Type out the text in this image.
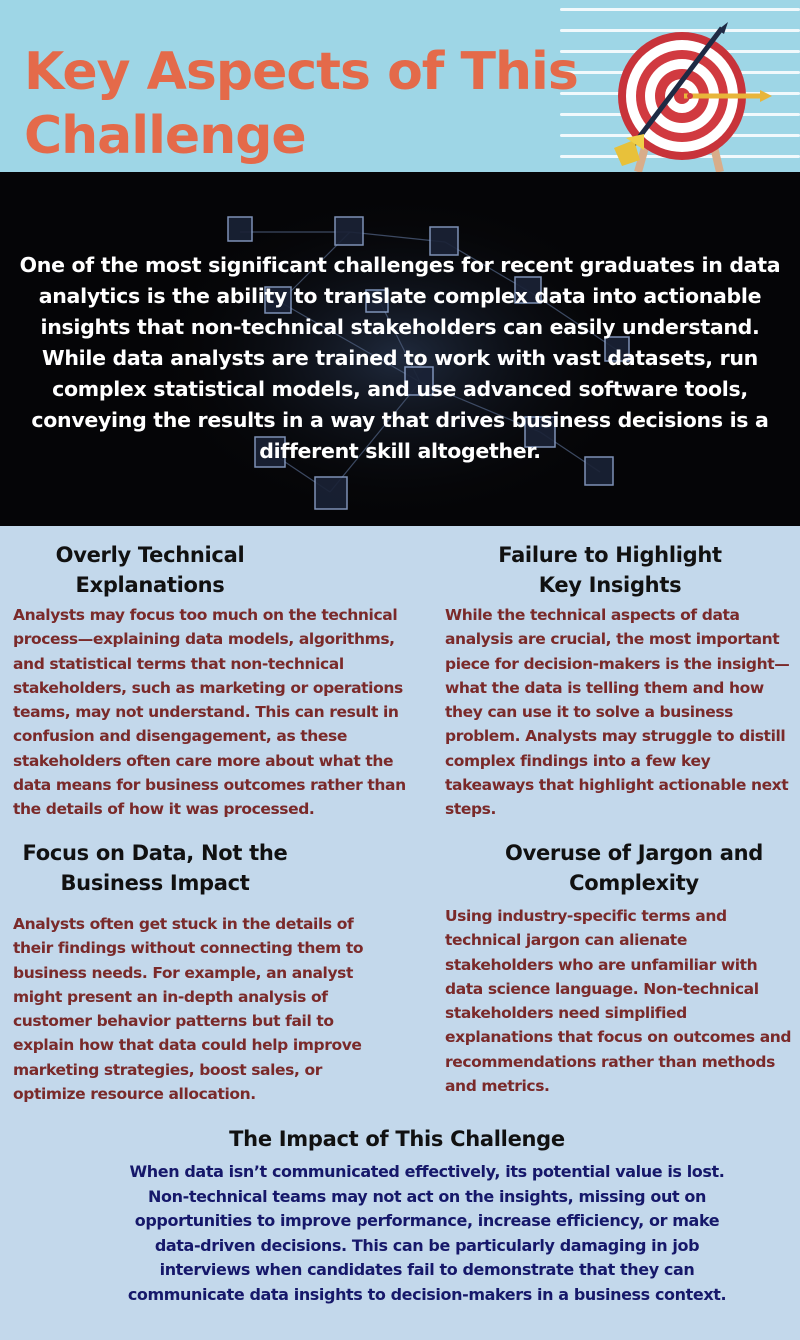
Key Aspects of This Challenge

One of the most significant challenges for recent graduates in data analytics is the ability to translate complex data into actionable insights that non-technical stakeholders can easily understand. While data analysts are trained to work with vast datasets, run complex statistical models, and use advanced software tools, conveying the results in a way that drives business decisions is a different skill altogether.

Overly Technical Explanations

Analysts may focus too much on the technical process—explaining data models, algorithms, and statistical terms that non-technical stakeholders, such as marketing or operations teams, may not understand. This can result in confusion and disengagement, as these stakeholders often care more about what the data means for business outcomes rather than the details of how it was processed.

Failure to Highlight Key Insights

While the technical aspects of data analysis are crucial, the most important piece for decision-makers is the insight—what the data is telling them and how they can use it to solve a business problem. Analysts may struggle to distill complex findings into a few key takeaways that highlight actionable next steps.

Focus on Data, Not the Business Impact

Analysts often get stuck in the details of their findings without connecting them to business needs. For example, an analyst might present an in-depth analysis of customer behavior patterns but fail to explain how that data could help improve marketing strategies, boost sales, or optimize resource allocation.

Overuse of Jargon and Complexity

Using industry-specific terms and technical jargon can alienate stakeholders who are unfamiliar with data science language. Non-technical stakeholders need simplified explanations that focus on outcomes and recommendations rather than methods and metrics.

The Impact of This Challenge

When data isn’t communicated effectively, its potential value is lost. Non-technical teams may not act on the insights, missing out on opportunities to improve performance, increase efficiency, or make data-driven decisions. This can be particularly damaging in job interviews when candidates fail to demonstrate that they can communicate data insights to decision-makers in a business context.
